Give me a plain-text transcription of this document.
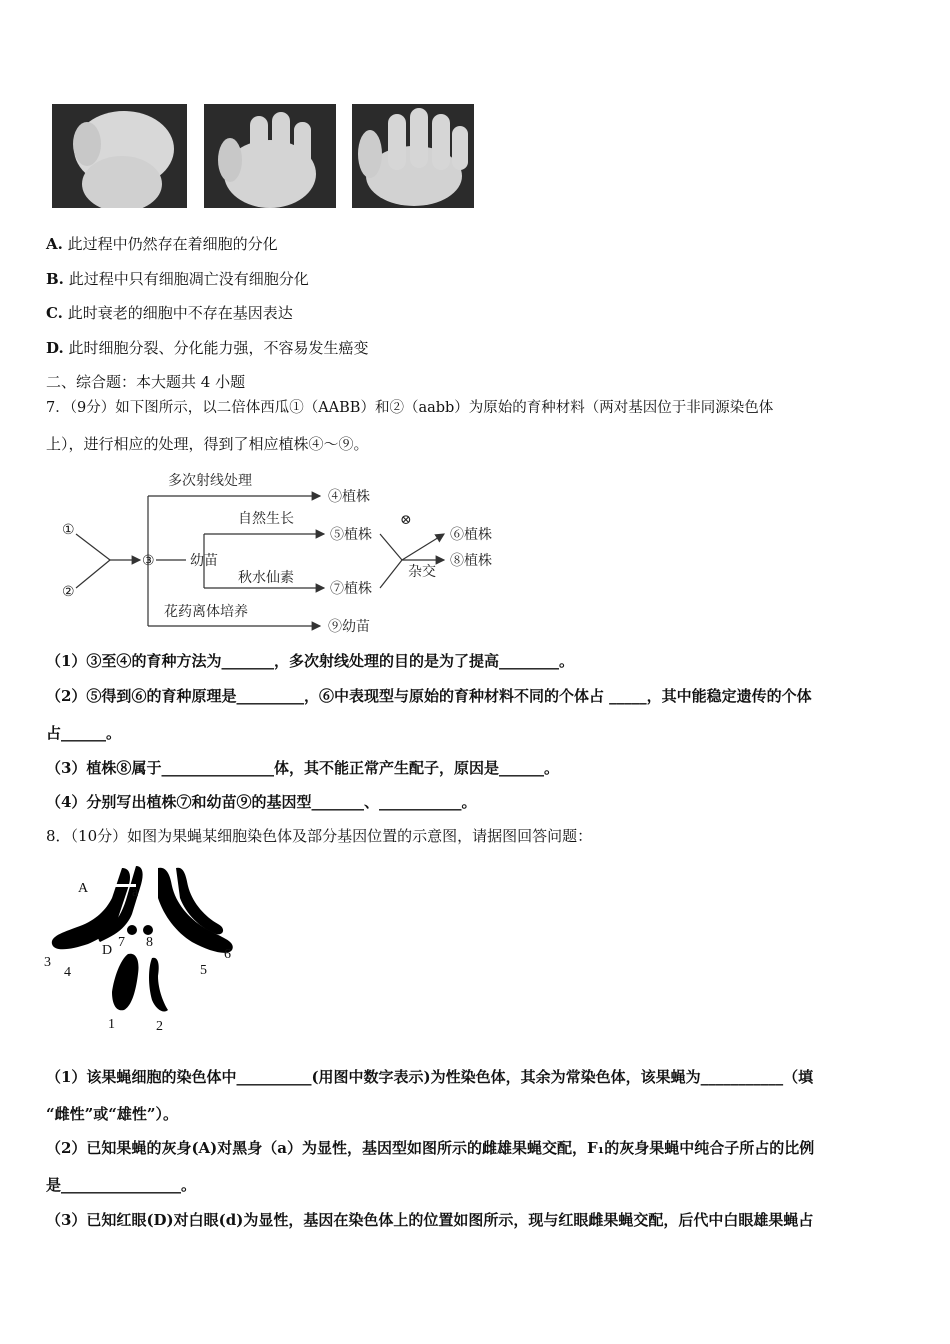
A. 此过程中仍然存在着细胞的分化
B. 此过程中只有细胞凋亡没有细胞分化
C. 此时衰老的细胞中不存在基因表达
D. 此时细胞分裂、分化能力强，不容易发生癌变
二、综合题：本大题共 4 小题
7．（9分）如下图所示，以二倍体西瓜①（AABB）和②（aabb）为原始的育种材料（两对基因位于非同源染色体
上），进行相应的处理，得到了相应植株④～⑨。
①
②
③	幼苗
多次射线处理
自然生长
秋水仙素
花药离体培养
④植株
⑤植株
⑦植株
⑨幼苗
⊗
⑥植株
⑧植株
杂交
（1）③至④的育种方法为_______，多次射线处理的目的是为了提高________。
（2）⑤得到⑥的育种原理是_________，⑥中表现型与原始的育种材料不同的个体占 _____，其中能稳定遗传的个体
占______。
（3）植株⑧属于_______________体，其不能正常产生配子，原因是______。
（4）分别写出植株⑦和幼苗⑨的基因型_______、___________。
8．（10分）如图为果蝇某细胞染色体及部分基因位置的示意图，请据图回答问题：
A	a
D
7 8
3
4	5
6
1	2
（1）该果蝇细胞的染色体中__________(用图中数字表示)为性染色体，其余为常染色体，该果蝇为___________（填
“雌性”或“雄性”）。
（2）已知果蝇的灰身(A)对黑身（a）为显性，基因型如图所示的雌雄果蝇交配，F₁的灰身果蝇中纯合子所占的比例
是________________。
（3）已知红眼(D)对白眼(d)为显性，基因在染色体上的位置如图所示，现与红眼雌果蝇交配，后代中白眼雄果蝇占
